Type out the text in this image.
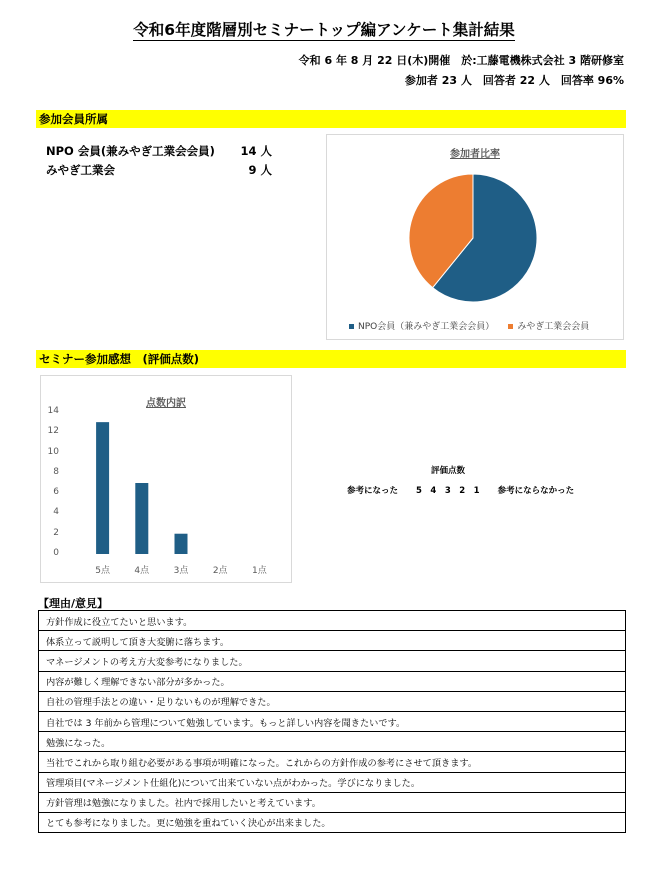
令和6年度階層別セミナートップ編アンケート集計結果
令和 6 年 8 月 22 日(木)開催　於:工藤電機株式会社 3 階研修室
参加者 23 人　回答者 22 人　回答率 96%
参加会員所属
NPO 会員(兼みやぎ工業会会員) 14 人
みやぎ工業会	9 人
参加者比率
NPO会員（兼みやぎ工業会会員）	みやぎ工業会会員
セミナー参加感想　(評価点数)
点数内訳
5点	4点	3点	2点	1点
0
2
4
6
8
10
12
14
評価点数
参考になった 5　4　3　2　1 参考にならなかった
【理由/意見】
方針作成に役立てたいと思います。
体系立って説明して頂き大変腑に落ちます。
マネージメントの考え方大変参考になりました。
内容が難しく理解できない部分が多かった。
自社の管理手法との違い・足りないものが理解できた。
自社では 3 年前から管理について勉強しています。もっと詳しい内容を聞きたいです。
勉強になった。
当社でこれから取り組む必要がある事項が明確になった。これからの方針作成の参考にさせて頂きます。
管理項目(マネージメント仕組化)について出来ていない点がわかった。学びになりました。
方針管理は勉強になりました。社内で採用したいと考えています。
とても参考になりました。更に勉強を重ねていく決心が出来ました。
